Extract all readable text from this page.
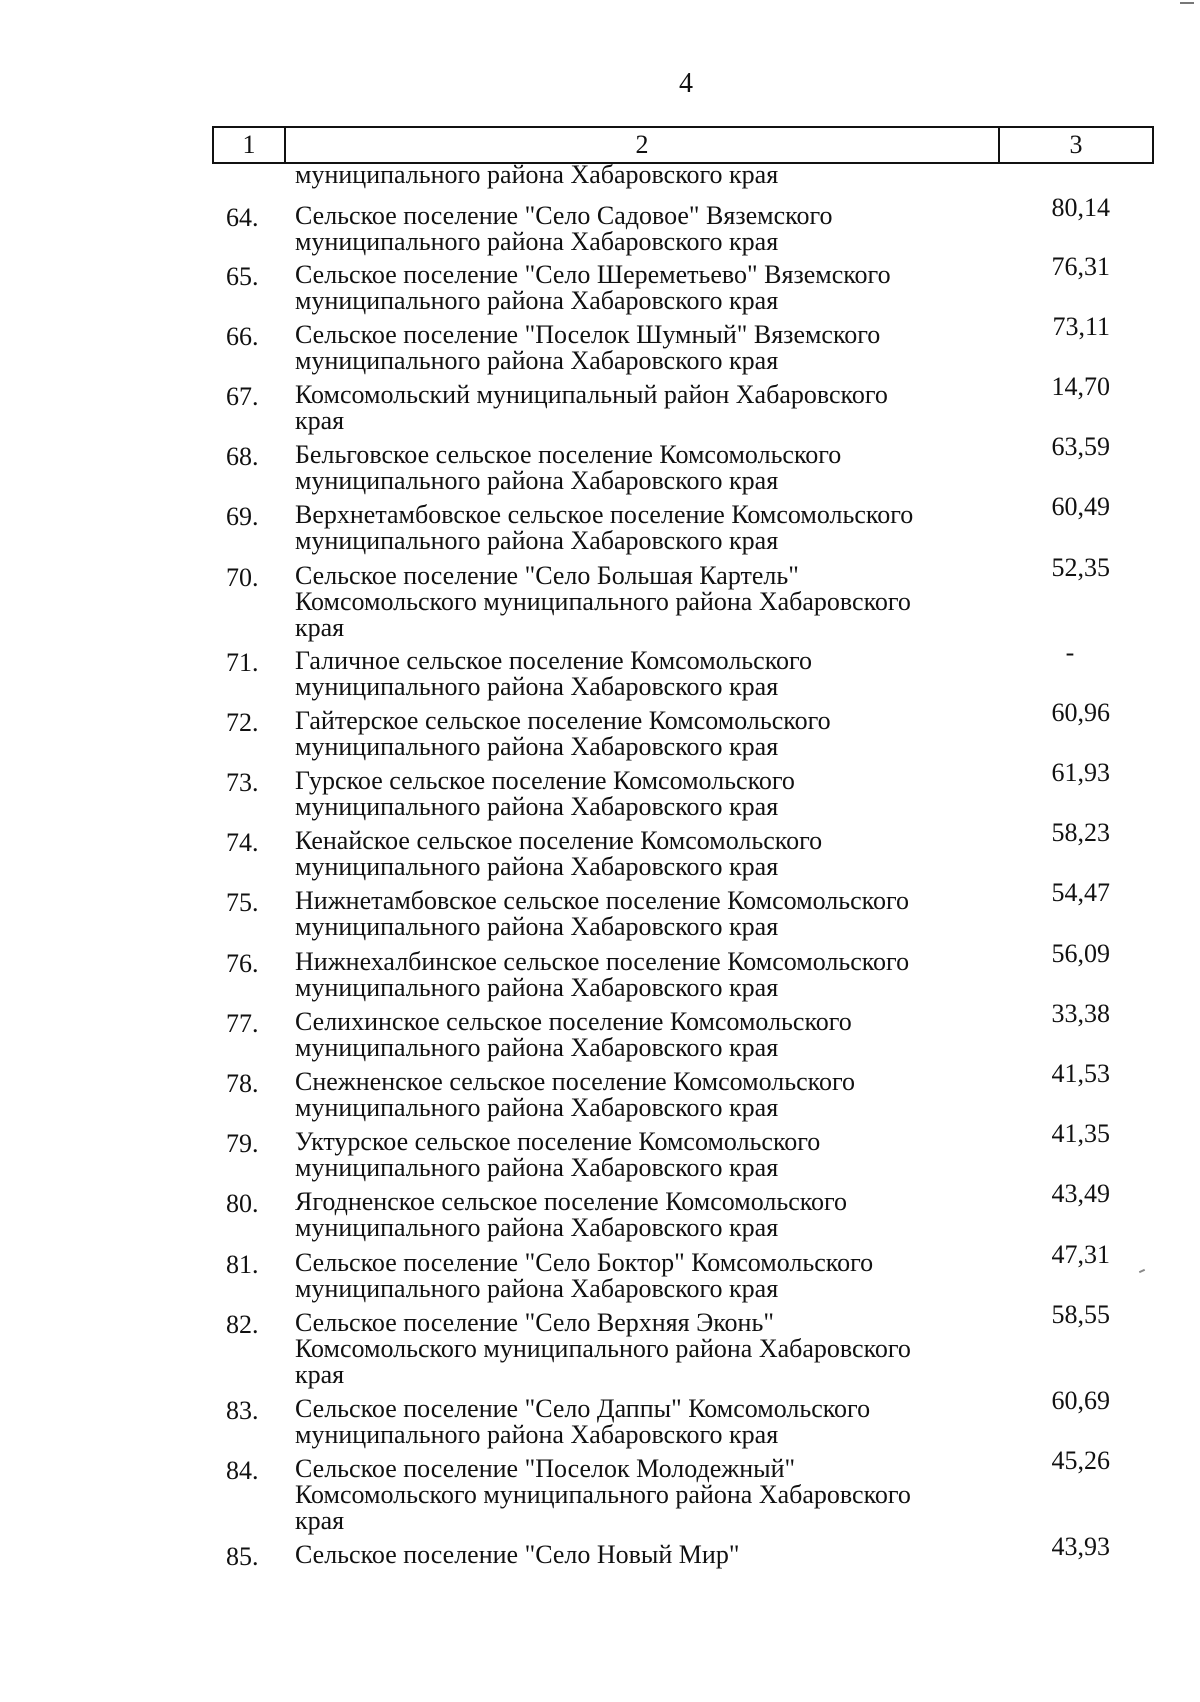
4
1	2	3
муниципального района Хабаровского края
64.	Сельское поселение "Село Садовое" Вяземского
муниципального района Хабаровского края
80,14
65.	Сельское поселение "Село Шереметьево" Вяземского
муниципального района Хабаровского края
76,31
66.	Сельское поселение "Поселок Шумный" Вяземского
муниципального района Хабаровского края
73,11
67.	Комсомольский муниципальный район Хабаровского
края
14,70
68.	Бельговское сельское поселение Комсомольского
муниципального района Хабаровского края
63,59
69.	Верхнетамбовское сельское поселение Комсомольского
муниципального района Хабаровского края
60,49
70.	Сельское поселение "Село Большая Картель"
Комсомольского муниципального района Хабаровского
края
52,35
71.	Галичное сельское поселение Комсомольского
муниципального района Хабаровского края
-
72.	Гайтерское сельское поселение Комсомольского
муниципального района Хабаровского края
60,96
73.	Гурское сельское поселение Комсомольского
муниципального района Хабаровского края
61,93
74.	Кенайское сельское поселение Комсомольского
муниципального района Хабаровского края
58,23
75.	Нижнетамбовское сельское поселение Комсомольского
муниципального района Хабаровского края
54,47
76.	Нижнехалбинское сельское поселение Комсомольского
муниципального района Хабаровского края
56,09
77.	Селихинское сельское поселение Комсомольского
муниципального района Хабаровского края
33,38
78.	Снежненское сельское поселение Комсомольского
муниципального района Хабаровского края
41,53
79.	Уктурское сельское поселение Комсомольского
муниципального района Хабаровского края
41,35
80.	Ягодненское сельское поселение Комсомольского
муниципального района Хабаровского края
43,49
81.	Сельское поселение "Село Боктор" Комсомольского
муниципального района Хабаровского края
47,31
82.	Сельское поселение "Село Верхняя Эконь"
Комсомольского муниципального района Хабаровского
края
58,55
83.	Сельское поселение "Село Даппы" Комсомольского
муниципального района Хабаровского края
60,69
84.	Сельское поселение "Поселок Молодежный"
Комсомольского муниципального района Хабаровского
края
45,26
85.	Сельское поселение "Село Новый Мир"	43,93
